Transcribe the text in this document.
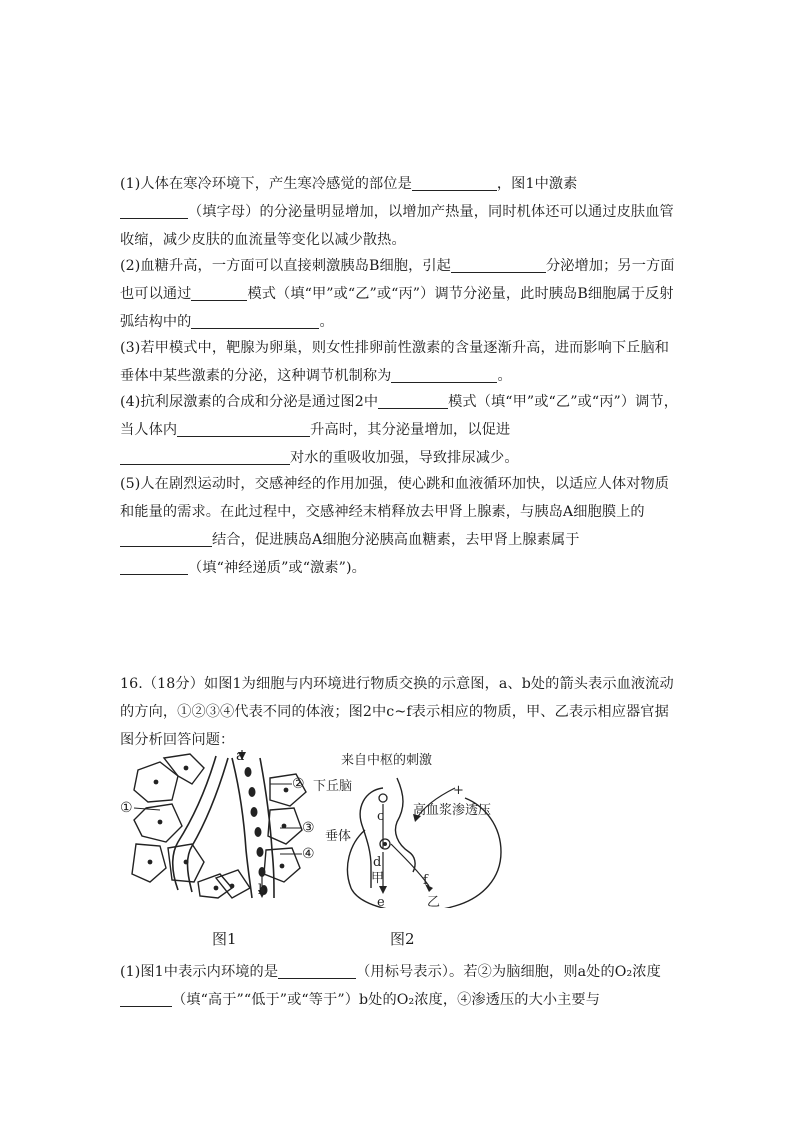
(1)人体在寒冷环境下，产生寒冷感觉的部位是	，图1中激素
（填字母）的分泌量明显增加，以增加产热量，同时机体还可以通过皮肤血管收缩，减少皮肤的血流量等变化以减少散热。
(2)血糖升高，一方面可以直接刺激胰岛B细胞，引起	分泌增加；另一方面也可以通过	模式（填“甲”或“乙”或“丙”）调节分泌量，此时胰岛B细胞属于反射弧结构中的	。
(3)若甲模式中，靶腺为卵巢，则女性排卵前性激素的含量逐渐升高，进而影响下丘脑和垂体中某些激素的分泌，这种调节机制称为	。
(4)抗利尿激素的合成和分泌是通过图2中	模式（填“甲”或“乙”或“丙”）调节，当人体内	升高时，其分泌量增加，以促进
对水的重吸收加强，导致排尿减少。
(5)人在剧烈运动时，交感神经的作用加强，使心跳和血液循环加快，以适应人体对物质和能量的需求。在此过程中，交感神经末梢释放去甲肾上腺素，与胰岛A细胞膜上的
结合，促进胰岛A细胞分泌胰高血糖素，去甲肾上腺素属于
（填“神经递质”或“激素”)。
16.（18分）如图1为细胞与内环境进行物质交换的示意图，a、b处的箭头表示血液流动的方向，①②③④代表不同的体液；图2中c~f表示相应的物质，甲、乙表示相应器官据图分析回答问题：
①
②
③
④
a
b
来自中枢的刺激
下丘脑
垂体
高血浆渗透压
+
c
d
甲
e
f
乙
图1	图2
(1)图1中表示内环境的是	（用标号表示）。若②为脑细胞，则a处的O₂浓度
（填“高于”“低于”或“等于”）b处的O₂浓度，④渗透压的大小主要与
